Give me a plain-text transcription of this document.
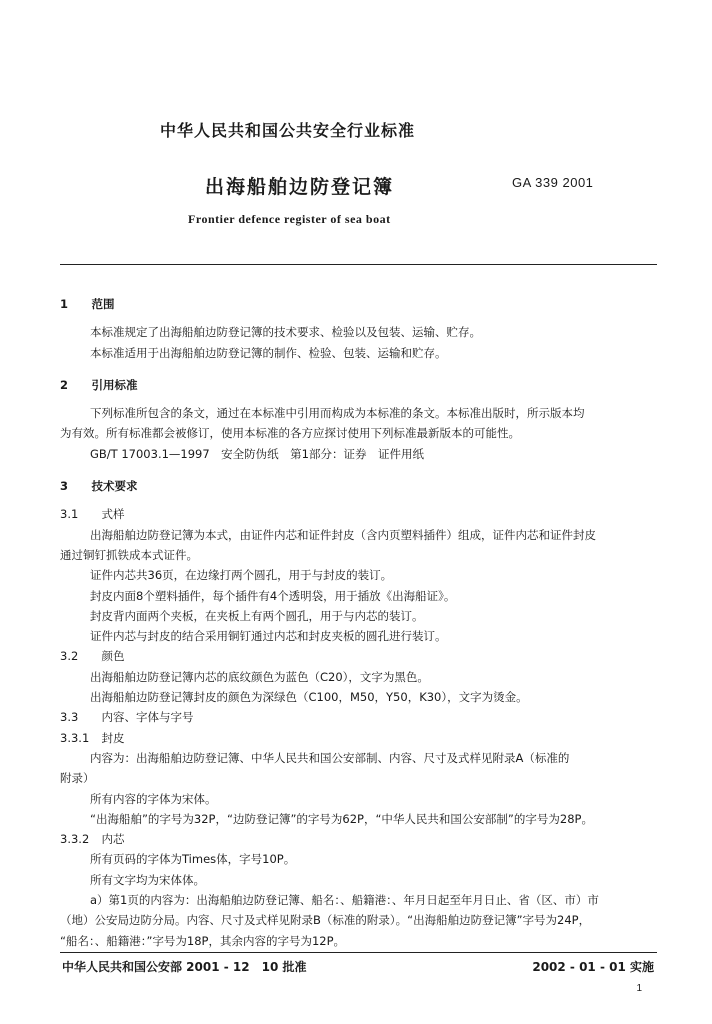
中华人民共和国公共安全行业标准
出海船舶边防登记簿	GA 339 2001
Frontier defence register of sea boat

1　 范围

本标准规定了出海船舶边防登记簿的技术要求、检验以及包装、运输、贮存。

本标准适用于出海船舶边防登记簿的制作、检验、包装、运输和贮存。

2　 引用标准

下列标准所包含的条文，通过在本标准中引用而构成为本标准的条文。本标准出版时，所示版本均

为有效。所有标准都会被修订，使用本标准的各方应探讨使用下列标准最新版本的可能性。

GB/T 17003.1—1997　安全防伪纸　第1部分：证券　证件用纸

3　 技术要求

3.1　 式样

出海船舶边防登记簿为本式，由证件内芯和证件封皮（含内页塑料插件）组成，证件内芯和证件封皮

通过铜钉抓铁成本式证件。

证件内芯共36页，在边缘打两个圆孔，用于与封皮的装订。

封皮内面8个塑料插件，每个插件有4个透明袋，用于插放《出海船证》。

封皮背内面两个夹板，在夹板上有两个圆孔，用于与内芯的装订。

证件内芯与封皮的结合采用铜钉通过内芯和封皮夹板的圆孔进行装订。

3.2　 颜色

出海船舶边防登记簿内芯的底纹颜色为蓝色（C20），文字为黑色。

出海船舶边防登记簿封皮的颜色为深绿色（C100，M50，Y50，K30），文字为烫金。

3.3　 内容、字体与字号

3.3.1　 封皮

内容为：出海船舶边防登记簿、中华人民共和国公安部制、内容、尺寸及式样见附录A（标准的

附录）

所有内容的字体为宋体。

“出海船舶”的字号为32P，“边防登记簿”的字号为62P，“中华人民共和国公安部制”的字号为28P。

3.3.2　 内芯

所有页码的字体为Times体，字号10P。

所有文字均为宋体体。

a）第1页的内容为：出海船舶边防登记簿、船名：、船籍港：、年月日起至年月日止、省（区、市）市

（地）公安局边防分局。内容、尺寸及式样见附录B（标准的附录）。“出海船舶边防登记簿”字号为24P，

“船名：、船籍港：”字号为18P，其余内容的字号为12P。

中华人民共和国公安部 2001 - 12　10 批准	2002 - 01 - 01 实施
1
